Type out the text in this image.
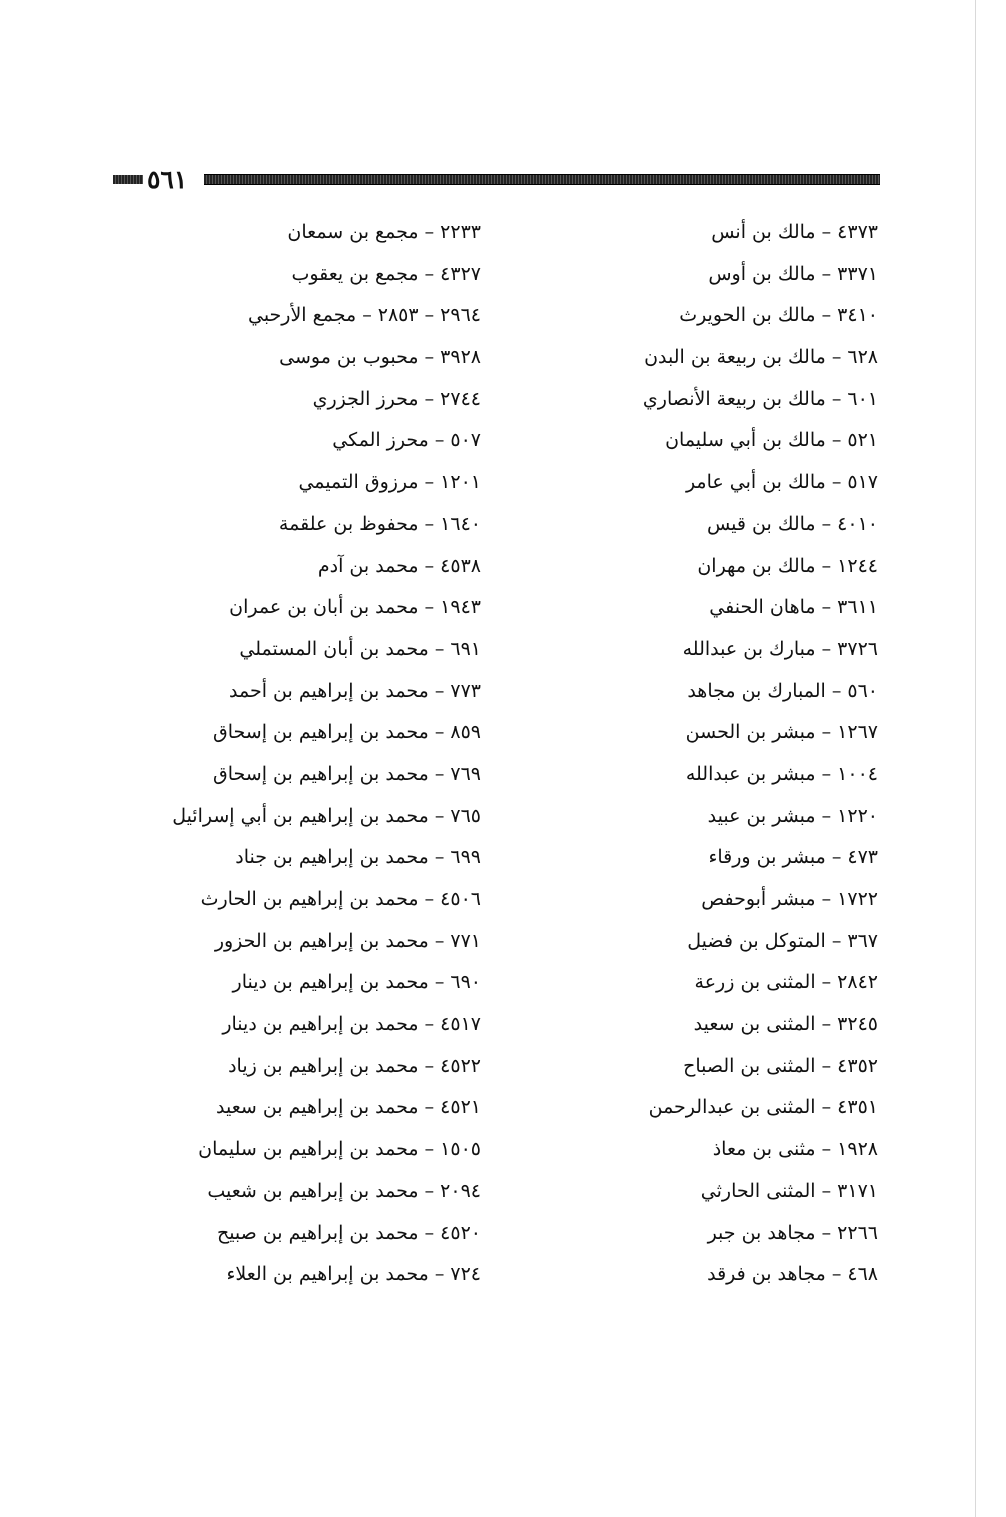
٥٦١
٤٣٧٣ – مالك بن أنس
٣٣٧١ – مالك بن أوس
٣٤١٠ – مالك بن الحويرث
٦٢٨ – مالك بن ربيعة بن البدن
٦٠١ – مالك بن ربيعة الأنصاري
٥٢١ – مالك بن أبي سليمان
٥١٧ – مالك بن أبي عامر
٤٠١٠ – مالك بن قيس
١٢٤٤ – مالك بن مهران
٣٦١١ – ماهان الحنفي
٣٧٢٦ – مبارك بن عبدالله
٥٦٠ – المبارك بن مجاهد
١٢٦٧ – مبشر بن الحسن
١٠٠٤ – مبشر بن عبدالله
١٢٢٠ – مبشر بن عبيد
٤٧٣ – مبشر بن ورقاء
١٧٢٢ – مبشر أبوحفص
٣٦٧ – المتوكل بن فضيل
٢٨٤٢ – المثنى بن زرعة
٣٢٤٥ – المثنى بن سعيد
٤٣٥٢ – المثنى بن الصباح
٤٣٥١ – المثنى بن عبدالرحمن
١٩٢٨ – مثنى بن معاذ
٣١٧١ – المثنى الحارثي
٢٢٦٦ – مجاهد بن جبر
٤٦٨ – مجاهد بن فرقد
٢٢٣٣ – مجمع بن سمعان
٤٣٢٧ – مجمع بن يعقوب
٢٩٦٤ – ٢٨٥٣ – مجمع الأرحبي
٣٩٢٨ – محبوب بن موسى
٢٧٤٤ – محرز الجزري
٥٠٧ – محرز المكي
١٢٠١ – مرزوق التميمي
١٦٤٠ – محفوظ بن علقمة
٤٥٣٨ – محمد بن آدم
١٩٤٣ – محمد بن أبان بن عمران
٦٩١ – محمد بن أبان المستملي
٧٧٣ – محمد بن إبراهيم بن أحمد
٨٥٩ – محمد بن إبراهيم بن إسحاق
٧٦٩ – محمد بن إبراهيم بن إسحاق
٧٦٥ – محمد بن إبراهيم بن أبي إسرائيل
٦٩٩ – محمد بن إبراهيم بن جناد
٤٥٠٦ – محمد بن إبراهيم بن الحارث
٧٧١ – محمد بن إبراهيم بن الحزور
٦٩٠ – محمد بن إبراهيم بن دينار
٤٥١٧ – محمد بن إبراهيم بن دينار
٤٥٢٢ – محمد بن إبراهيم بن زياد
٤٥٢١ – محمد بن إبراهيم بن سعيد
١٥٠٥ – محمد بن إبراهيم بن سليمان
٢٠٩٤ – محمد بن إبراهيم بن شعيب
٤٥٢٠ – محمد بن إبراهيم بن صبيح
٧٢٤ – محمد بن إبراهيم بن العلاء
